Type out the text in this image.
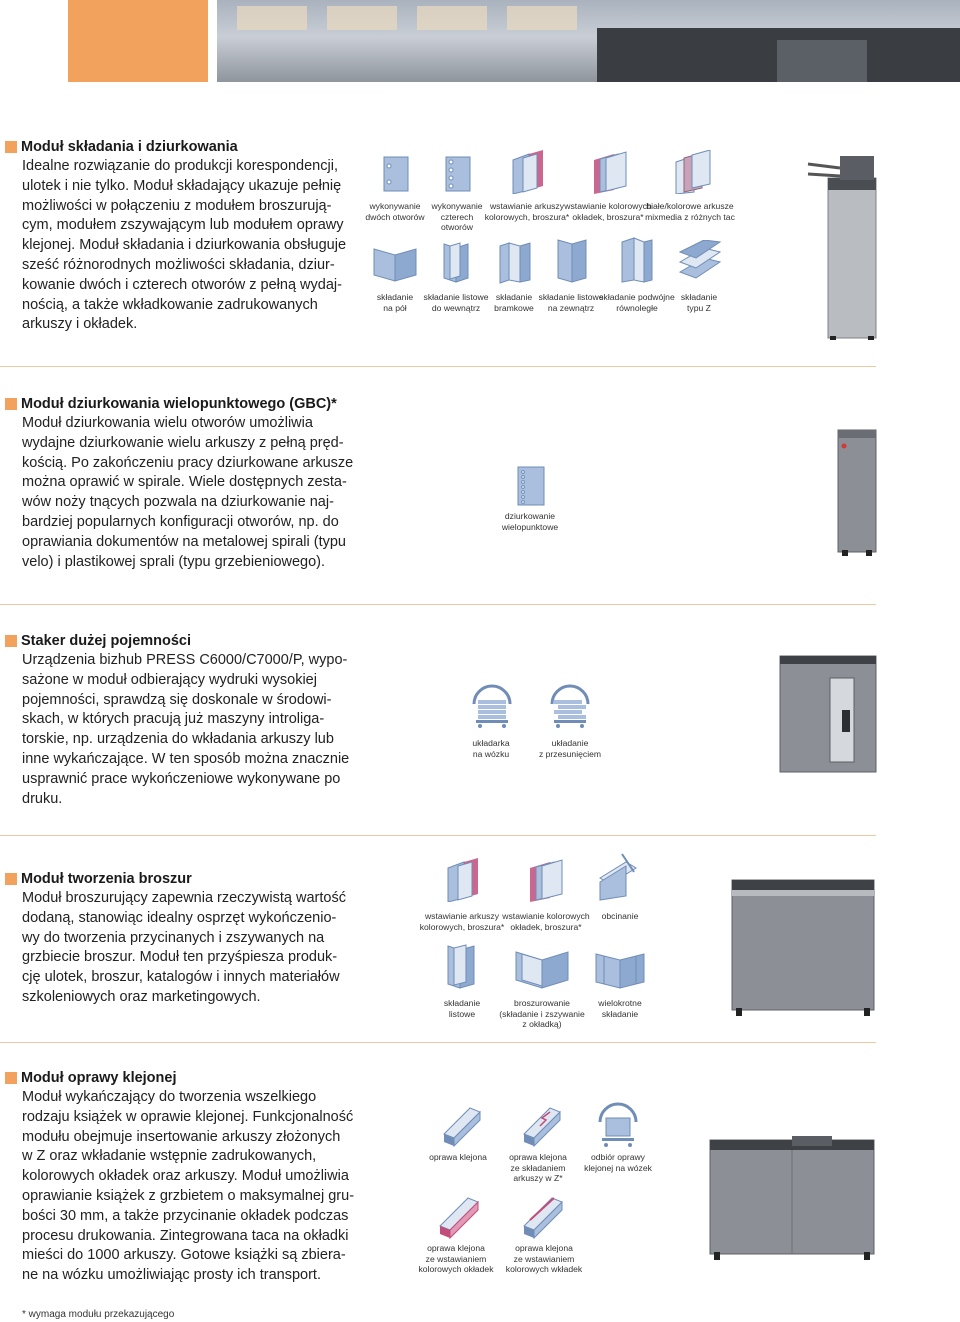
Moduł składania i dziurkowania
Idealne rozwiązanie do produkcji korespondencji,
ulotek i nie tylko. Moduł składający ukazuje pełnię
możliwości w połączeniu z modułem broszurują-
cym, modułem zszywającym lub modułem oprawy
klejonej. Moduł składania i dziurkowania obsługuje
sześć różnorodnych możliwości składania, dziur-
kowanie dwóch i czterech otworów z pełną wydaj-
nością, a także wkładkowanie zadrukowanych
arkuszy i okładek.
wykonywanie
dwóch otworów
wykonywanie
czterech
otworów
wstawianie arkuszy
kolorowych, broszura*
wstawianie kolorowych
okładek, broszura*
białe/kolorowe arkusze
mixmedia z różnych tac
składanie
na pół
składanie listowe
do wewnątrz
składanie
bramkowe
składanie listowe
na zewnątrz
składanie podwójne
równoległe
składanie
typu Z
Moduł dziurkowania wielopunktowego (GBC)*
Moduł dziurkowania wielu otworów umożliwia
wydajne dziurkowanie wielu arkuszy z pełną pręd-
kością. Po zakończeniu pracy dziurkowane arkusze
można oprawić w spirale. Wiele dostępnych zesta-
wów noży tnących pozwala na dziurkowanie naj-
bardziej popularnych konfiguracji otworów, np. do
oprawiania dokumentów na metalowej spirali (typu
velo) i plastikowej sprali (typu grzebieniowego).
dziurkowanie
wielopunktowe
Staker dużej pojemności
Urządzenia bizhub PRESS C6000/C7000/P, wypo-
sażone w moduł odbierający wydruki wysokiej
pojemności, sprawdzą się doskonale w środowi-
skach, w których pracują już maszyny introliga-
torskie, np. urządzenia do wkładania arkuszy lub
inne wykańczające. W ten sposób można znacznie
usprawnić prace wykończeniowe wykonywane po
druku.
układarka
na wózku
układanie
z przesunięciem
Moduł tworzenia broszur
Moduł broszurujący zapewnia rzeczywistą wartość
dodaną, stanowiąc idealny osprzęt wykończenio-
wy do tworzenia przycinanych i zszywanych na
grzbiecie broszur. Moduł ten przyśpiesza produk-
cję ulotek, broszur, katalogów i innych materiałów
szkoleniowych oraz marketingowych.
wstawianie arkuszy
kolorowych, broszura*
wstawianie kolorowych
okładek, broszura*
obcinanie
składanie
listowe
broszurowanie
(składanie i zszywanie
z okładką)
wielokrotne
składanie
Moduł oprawy klejonej
Moduł wykańczający do tworzenia wszelkiego
rodzaju książek w oprawie klejonej. Funkcjonalność
modułu obejmuje insertowanie arkuszy złożonych
w Z oraz wkładanie wstępnie zadrukowanych,
kolorowych okładek oraz arkuszy. Moduł umożliwia
oprawianie książek z grzbietem o maksymalnej gru-
bości 30 mm, a także przycinanie okładek podczas
procesu drukowania. Zintegrowana taca na okładki
mieści do 1000 arkuszy. Gotowe książki są zbiera-
ne na wózku umożliwiając prosty ich transport.
oprawa klejona	oprawa klejona
ze składaniem
arkuszy w Z*
odbiór oprawy
klejonej na wózek
oprawa klejona
ze wstawianiem
kolorowych okładek
oprawa klejona
ze wstawianiem
kolorowych wkładek
* wymaga modułu przekazującego
